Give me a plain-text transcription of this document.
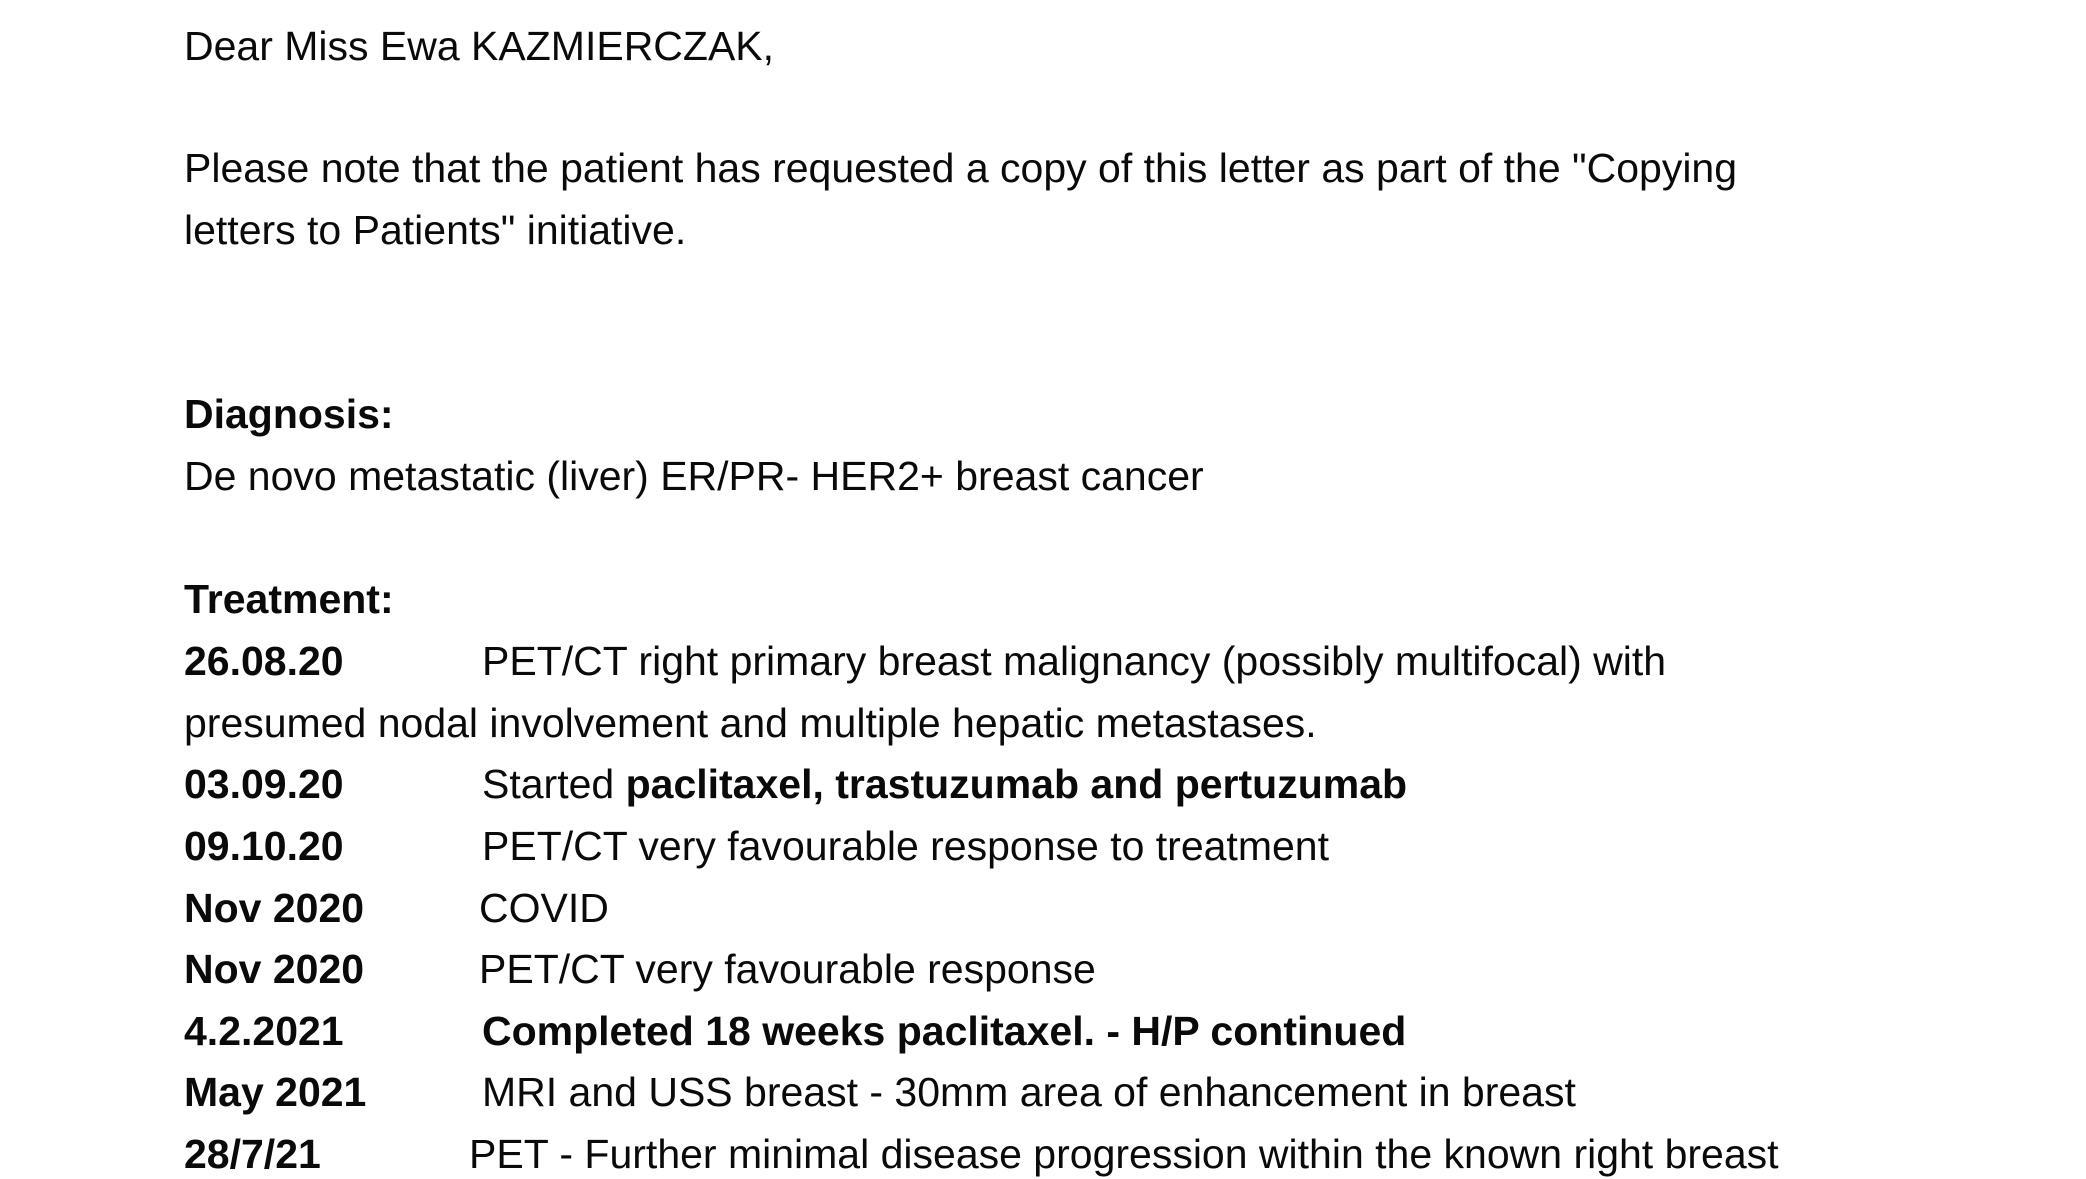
Dear Miss Ewa KAZMIERCZAK,
Please note that the patient has requested a copy of this letter as part of the "Copying
letters to Patients" initiative.
Diagnosis:
De novo metastatic (liver) ER/PR- HER2+ breast cancer
Treatment:
26.08.20	PET/CT right primary breast malignancy (possibly multifocal) with
presumed nodal involvement and multiple hepatic metastases.
03.09.20	Started paclitaxel, trastuzumab and pertuzumab
09.10.20	PET/CT very favourable response to treatment
Nov 2020	COVID
Nov 2020	PET/CT very favourable response
4.2.2021	Completed 18 weeks paclitaxel. - H/P continued
May 2021	MRI and USS breast - 30mm area of enhancement in breast
28/7/21	PET - Further minimal disease progression within the known right breast
